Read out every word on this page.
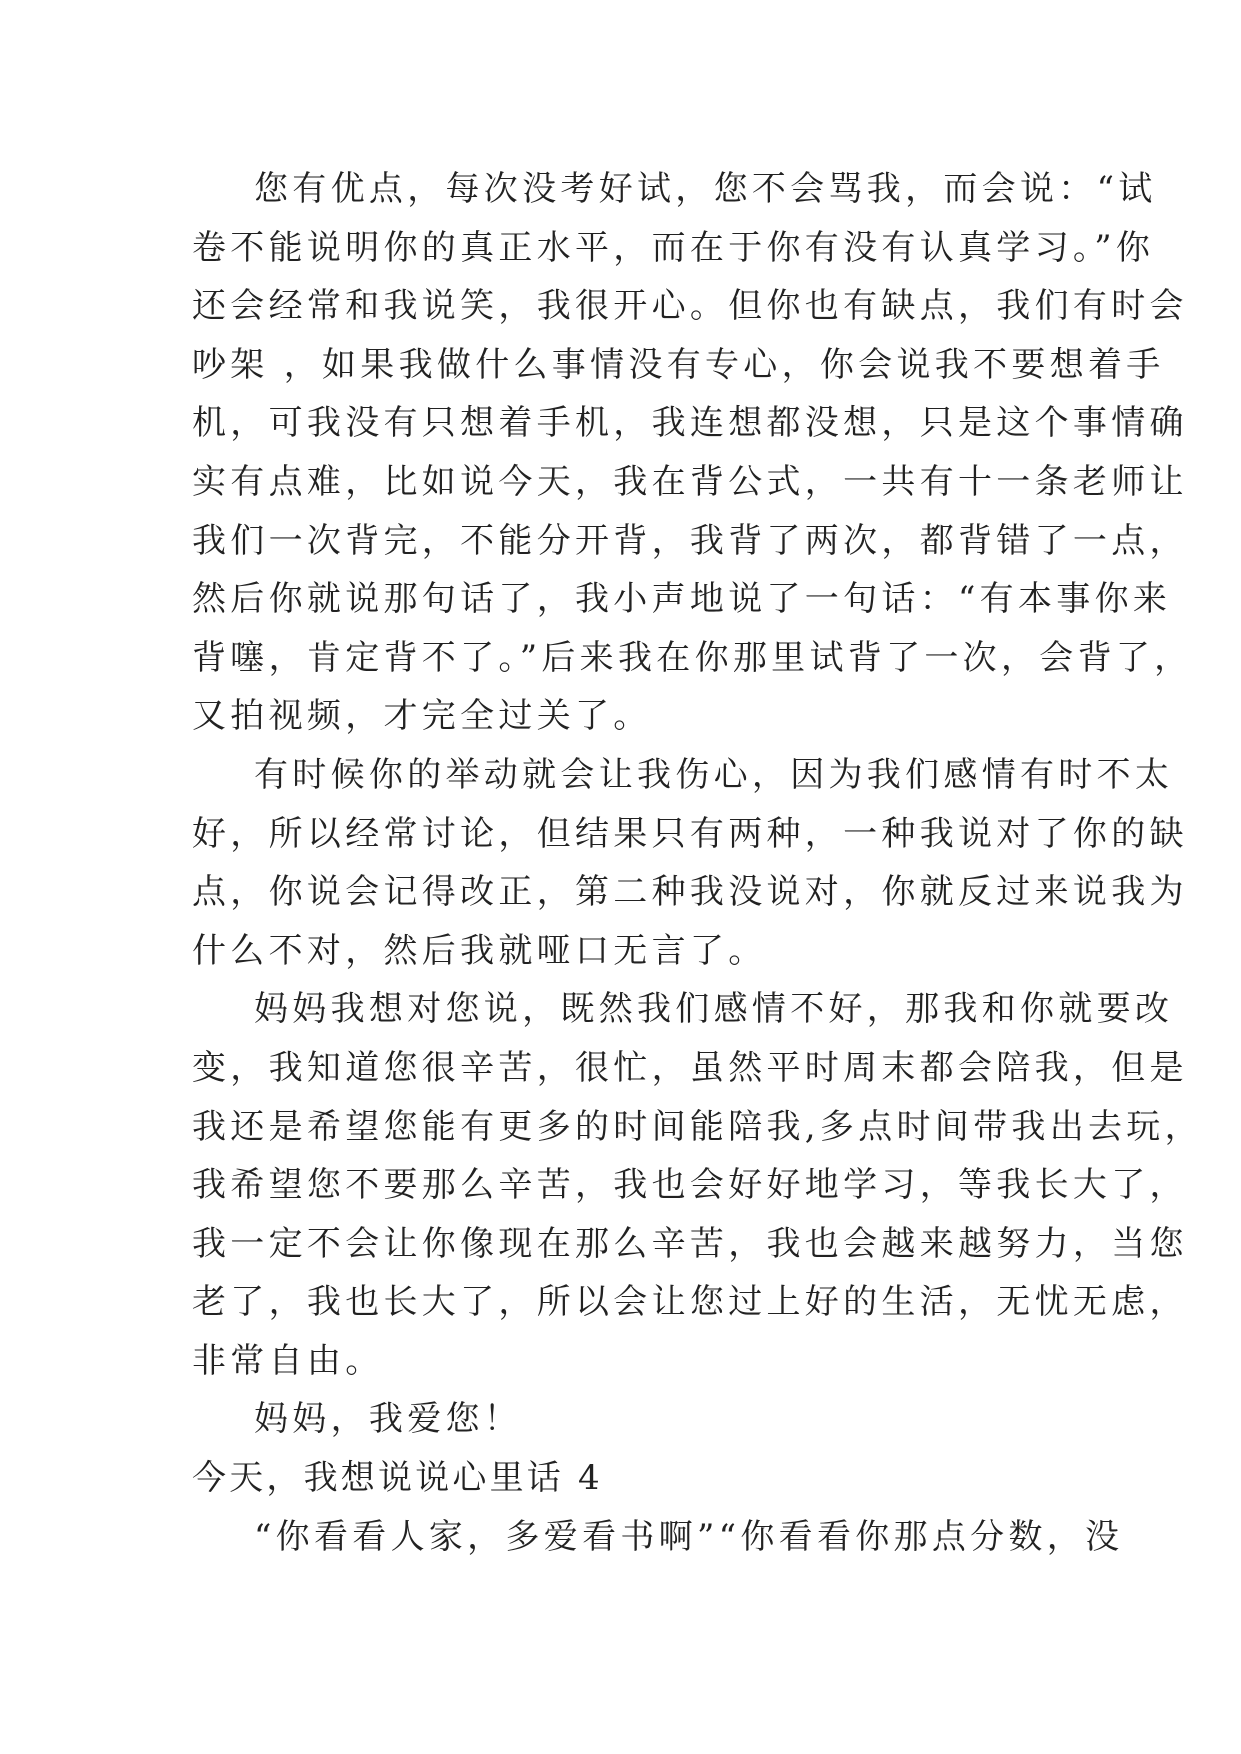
您有优点，每次没考好试，您不会骂我，而会说：“试
卷不能说明你的真正水平，而在于你有没有认真学习。”你
还会经常和我说笑，我很开心。但你也有缺点，我们有时会
吵架 ，如果我做什么事情没有专心，你会说我不要想着手
机，可我没有只想着手机，我连想都没想，只是这个事情确
实有点难，比如说今天，我在背公式，一共有十一条老师让
我们一次背完，不能分开背，我背了两次，都背错了一点，
然后你就说那句话了，我小声地说了一句话：“有本事你来
背噻，肯定背不了。”后来我在你那里试背了一次，会背了，
又拍视频，才完全过关了。
有时候你的举动就会让我伤心，因为我们感情有时不太
好，所以经常讨论，但结果只有两种，一种我说对了你的缺
点，你说会记得改正，第二种我没说对，你就反过来说我为
什么不对，然后我就哑口无言了。
妈妈我想对您说，既然我们感情不好，那我和你就要改
变，我知道您很辛苦，很忙，虽然平时周末都会陪我，但是
我还是希望您能有更多的时间能陪我,多点时间带我出去玩，
我希望您不要那么辛苦，我也会好好地学习，等我长大了，
我一定不会让你像现在那么辛苦，我也会越来越努力，当您
老了，我也长大了，所以会让您过上好的生活，无忧无虑，
非常自由。
妈妈，我爱您！
今天，我想说说心里话 4
“你看看人家，多爱看书啊”“你看看你那点分数，没
